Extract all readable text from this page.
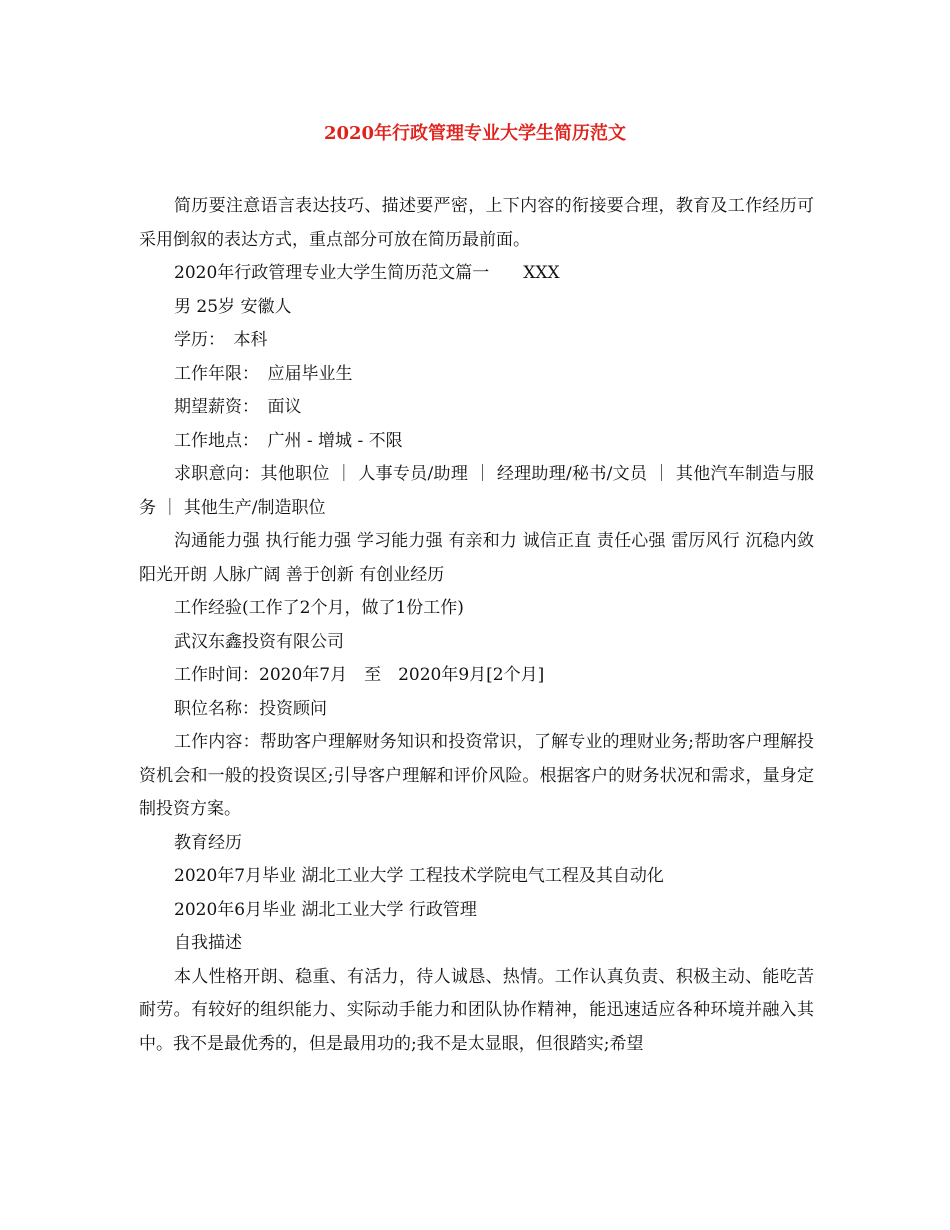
2020年行政管理专业大学生简历范文

简历要注意语言表达技巧、描述要严密，上下内容的衔接要合理，教育及工作经历可采用倒叙的表达方式，重点部分可放在简历最前面。

2020年行政管理专业大学生简历范文篇一　　XXX

男 25岁 安徽人

学历：　本科

工作年限：　应届毕业生

期望薪资：　面议

工作地点：　广州 - 增城 - 不限

求职意向：其他职位 ｜ 人事专员/助理 ｜ 经理助理/秘书/文员 ｜ 其他汽车制造与服务 ｜ 其他生产/制造职位

沟通能力强 执行能力强 学习能力强 有亲和力 诚信正直 责任心强 雷厉风行 沉稳内敛 阳光开朗 人脉广阔 善于创新 有创业经历

工作经验(工作了2个月，做了1份工作)

武汉东鑫投资有限公司

工作时间：2020年7月　至　2020年9月[2个月]

职位名称：投资顾问

工作内容：帮助客户理解财务知识和投资常识，了解专业的理财业务;帮助客户理解投资机会和一般的投资误区;引导客户理解和评价风险。根据客户的财务状况和需求，量身定制投资方案。

教育经历

2020年7月毕业 湖北工业大学 工程技术学院电气工程及其自动化

2020年6月毕业 湖北工业大学 行政管理

自我描述

本人性格开朗、稳重、有活力，待人诚恳、热情。工作认真负责、积极主动、能吃苦耐劳。有较好的组织能力、实际动手能力和团队协作精神，能迅速适应各种环境并融入其中。我不是最优秀的，但是最用功的;我不是太显眼，但很踏实;希望
